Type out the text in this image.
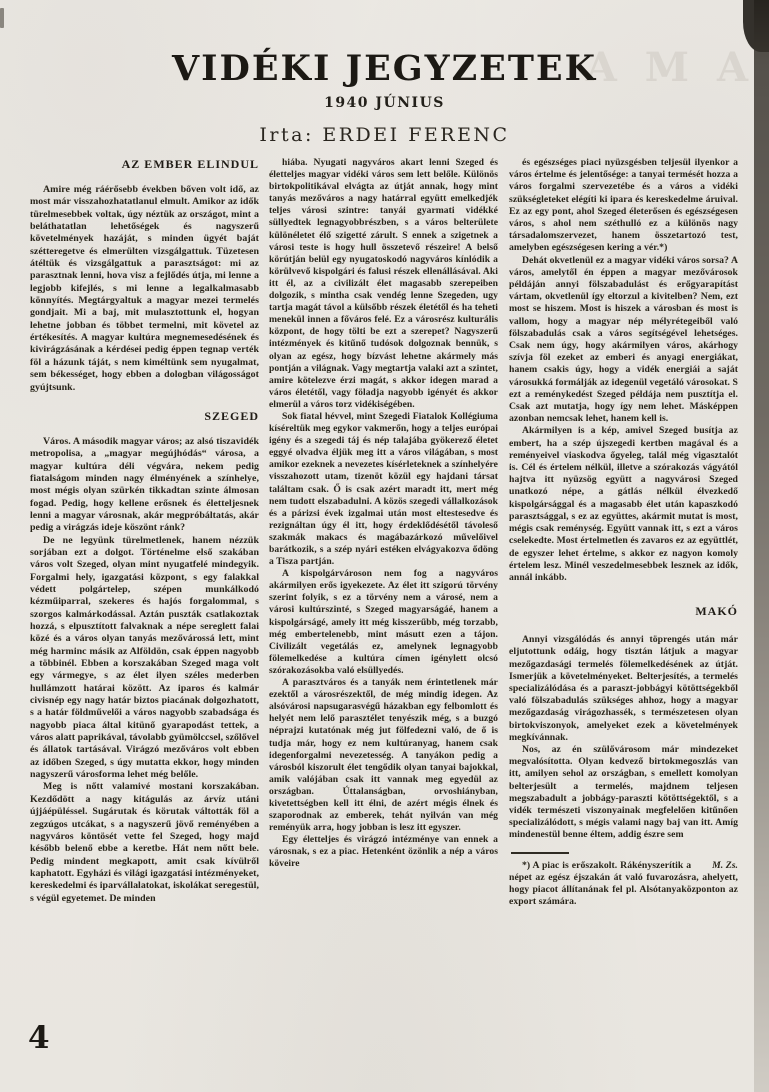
A M A
VIDÉKI JEGYZETEK
1940 JÚNIUS
Irta: ERDEI FERENC
AZ EMBER ELINDUL

Amire még ráérősebb években bőven volt idő, az most már visszahozhatatlanul elmult. Amikor az idők türelmesebbek voltak, úgy néztük az országot, mint a beláthatatlan lehetőségek és nagyszerű követelmények hazáját, s minden ügyét baját szétteregetve és elmerülten vizsgálgattuk. Tüzetesen átéltük és vizsgálgattuk a parasztságot: mi az parasztnak lenni, hova visz a fejlődés útja, mi lenne a legjobb kifejlés, s mi lenne a legalkalmasabb könnyítés. Megtárgyaltuk a magyar mezei termelés gondjait. Mi a baj, mit mulasztottunk el, hogyan lehetne jobban és többet termelni, mit követel az értékesítés. A magyar kultúra megnemesedésének és kivirágzásának a kérdései pedig éppen tegnap verték föl a házunk táját, s nem kiméltünk sem nyugalmat, sem békességet, hogy ebben a dologban világosságot gyújtsunk.

SZEGED

Város. A második magyar város; az alsó tiszavidék metropolisa, a „magyar megújhódás“ városa, a magyar kultúra déli végvára, nekem pedig fiatalságom minden nagy élményének a színhelye, most mégis olyan szürkén tikkadtan szinte álmosan fogad. Pedig, hogy kellene erősnek és életteljesnek lenni a magyar városnak, akár megpróbáltatás, akár pedig a virágzás ideje köszönt ránk?

De ne legyünk türelmetlenek, hanem nézzük sorjában ezt a dolgot. Történelme első szakában város volt Szeged, olyan mint nyugatfelé mindegyik. Forgalmi hely, igazgatási központ, s egy falakkal védett polgártelep, szépen munkálkodó kézműiparral, szekeres és hajós forgalommal, s szorgos kalmárkodással. Aztán puszták csatlakoztak hozzá, s elpusztított falvaknak a népe sereglett falai közé és a város olyan tanyás mezővárossá lett, mint még harminc másik az Alföldön, csak éppen nagyobb a többinél. Ebben a korszakában Szeged maga volt egy vármegye, s az élet ilyen széles mederben hullámzott határai között. Az iparos és kalmár civisnép egy nagy határ biztos piacának dolgozhatott, s a határ földművelői a város nagyobb szabadsága és nagyobb piaca által kitünő gyarapodást tettek, a város alatt paprikával, távolabb gyümölccsel, szőlővel és állatok tartásával. Virágzó mezőváros volt ebben az időben Szeged, s úgy mutatta ekkor, hogy minden nagyszerű városforma lehet még belőle.

Meg is nőtt valamivé mostani korszakában. Kezdődött a nagy kitágulás az árvíz utáni újjáépüléssel. Sugárutak és körutak váltották föl a zegzúgos utcákat, s a nagyszerű jövő reményében a nagyváros köntösét vette fel Szeged, hogy majd később belenő ebbe a keretbe. Hát nem nőtt bele. Pedig mindent megkapott, amit csak kívülről kaphatott. Egyházi és világi igazgatási intézményeket, kereskedelmi és iparvállalatokat, iskolákat seregestül, s végül egyetemet. De minden

hiába. Nyugati nagyváros akart lenni Szeged és életteljes magyar vidéki város sem lett belőle. Különös birtokpolitikával elvágta az útját annak, hogy mint tanyás mezőváros a nagy határral együtt emelkedjék teljes városi szintre: tanyái gyarmati vidékké süllyedtek legnagyobbrészben, s a város belterülete különéletet élő szigetté zárult. S ennek a szigetnek a városi teste is hogy hull összetevő részeire! A belső körútján belül egy nyugatoskodó nagyváros kínlódik a körülvevő kispolgári és falusi részek ellenállásával. Aki itt él, az a civilizált élet magasabb szerepeiben dolgozik, s mintha csak vendég lenne Szegeden, ugy tartja magát távol a külsőbb részek életétől és ha teheti menekül innen a főváros felé. Ez a városrész kulturális központ, de hogy tölti be ezt a szerepet? Nagyszerű intézmények és kitűnő tudósok dolgoznak bennük, s olyan az egész, hogy bízvást lehetne akármely más pontján a világnak. Vagy megtartja valaki azt a szintet, amire kötelezve érzi magát, s akkor idegen marad a város életétől, vagy föladja nagyobb igényét és akkor elmerül a város torz vidékiségében.

Sok fiatal hévvel, mint Szegedi Fiatalok Kollégiuma kíséreltük meg egykor vakmerőn, hogy a teljes európai igény és a szegedi táj és nép talajába gyökerező életet eggyé olvadva éljük meg itt a város világában, s most amikor ezeknek a nevezetes kísérleteknek a színhelyére visszahozott utam, tizenöt közül egy hajdani társat találtam csak. Ő is csak azért maradt itt, mert még nem tudott elszabadulni. A közös szegedi vállalkozások és a párizsi évek izgalmai után most eltestesedve és rezignáltan úgy él itt, hogy érdeklődésétől távoleső szakmák makacs és magábazárkozó művelőivel barátkozik, s a szép nyári estéken elvágyakozva ődöng a Tisza partján.

A kispolgárvároson nem fog a nagyváros akármilyen erős igyekezete. Az élet itt szigorú törvény szerint folyik, s ez a törvény nem a városé, nem a városi kultúrszinté, s Szeged magyarságáé, hanem a kispolgárságé, amely itt még kisszerűbb, még torzabb, még embertelenebb, mint másutt ezen a tájon. Civilizált vegetálás ez, amelynek legnagyobb fölemelkedése a kultúra címen igénylett olcsó szórakozásokba való elsüllyedés.

A parasztváros és a tanyák nem érintetlenek már ezektől a városrészektől, de még mindig idegen. Az alsóvárosi napsugarasvégű házakban egy felbomlott és helyét nem lelő parasztélet tenyészik még, s a buzgó néprajzi kutatónak még jut fölfedezni való, de ő is tudja már, hogy ez nem kultúranyag, hanem csak idegenforgalmi nevezetesség. A tanyákon pedig a városból kiszorult élet tengődik olyan tanyai bajokkal, amik valójában csak itt vannak meg egyedül az országban. Úttalanságban, orvoshiányban, kivetettségben kell itt élni, de azért mégis élnek és szaporodnak az emberek, tehát nyilván van még reményük arra, hogy jobban is lesz itt egyszer.

Egy életteljes és virágzó intézménye van ennek a városnak, s ez a piac. Hetenként özönlik a nép a város köveire

és egészséges piaci nyüzsgésben teljesül ilyenkor a város értelme és jelentősége: a tanyai termését hozza a város forgalmi szervezetébe és a város a vidéki szükségleteket elégíti ki ipara és kereskedelme áruival. Ez az egy pont, ahol Szeged életerősen és egészségesen város, s ahol nem széthulló ez a különös nagy társadalomszervezet, hanem összetartozó test, amelyben egészségesen kering a vér.*)

Dehát okvetlenül ez a magyar vidéki város sorsa? A város, amelytől én éppen a magyar mezővárosok példáján annyi fölszabadulást és erőgyarapítást vártam, okvetlenül így eltorzul a kivitelben? Nem, ezt most se hiszem. Most is hiszek a városban és most is vallom, hogy a magyar nép mélyrétegeiből való fölszabadulás csak a város segítségével lehetséges. Csak nem úgy, hogy akármilyen város, akárhogy szívja föl ezeket az emberi és anyagi energiákat, hanem csakis úgy, hogy a vidék energiái a saját városukká formálják az idegenül vegetáló városokat. S ezt a reménykedést Szeged példája nem pusztítja el. Csak azt mutatja, hogy így nem lehet. Másképpen azonban nemcsak lehet, hanem kell is.

Akármilyen is a kép, amivel Szeged busítja az embert, ha a szép újszegedi kertben magával és a reményeivel viaskodva őgyeleg, talál még vigasztalót is. Cél és értelem nélkül, illetve a szórakozás vágyától hajtva itt nyüzsög együtt a nagyvárosi Szeged unatkozó népe, a gátlás nélkül élvezkedő kispolgársággal és a magasabb élet után kapaszkodó parasztsággal, s ez az együttes, akármit mutat is most, mégis csak reménység. Együtt vannak itt, s ezt a város cselekedte. Most értelmetlen és zavaros ez az együttlét, de egyszer lehet értelme, s akkor ez nagyon komoly értelem lesz. Minél veszedelmesebbek lesznek az idők, annál inkább.

MAKÓ

Annyi vizsgálódás és annyi töprengés után már eljutottunk odáig, hogy tisztán látjuk a magyar mezőgazdasági termelés fölemelkedésének az útját. Ismerjük a követelményeket. Belterjesítés, a termelés specializálódása és a paraszt-jobbágyi kötöttségekből való fölszabadulás szükséges ahhoz, hogy a magyar mezőgazdaság virágozhassék, s természetesen olyan birtokviszonyok, amelyeket ezek a követelmények megkívánnak.

Nos, az én szülővárosom már mindezeket megvalósította. Olyan kedvező birtokmegoszlás van itt, amilyen sehol az országban, s emellett komolyan belterjesült a termelés, majdnem teljesen megszabadult a jobbágy-paraszti kötöttségektől, s a vidék természeti viszonyainak megfelelően kitűnően specializálódott, s mégis valami nagy baj van itt. Amíg mindenestül benne éltem, addig észre sem

M. Zs.
*) A piac is erőszakolt. Rákényszerítik a népet az egész éjszakán át való fuvarozásra, ahelyett, hogy piacot állítanának fel pl. Alsótanyaközponton az export számára.

4
